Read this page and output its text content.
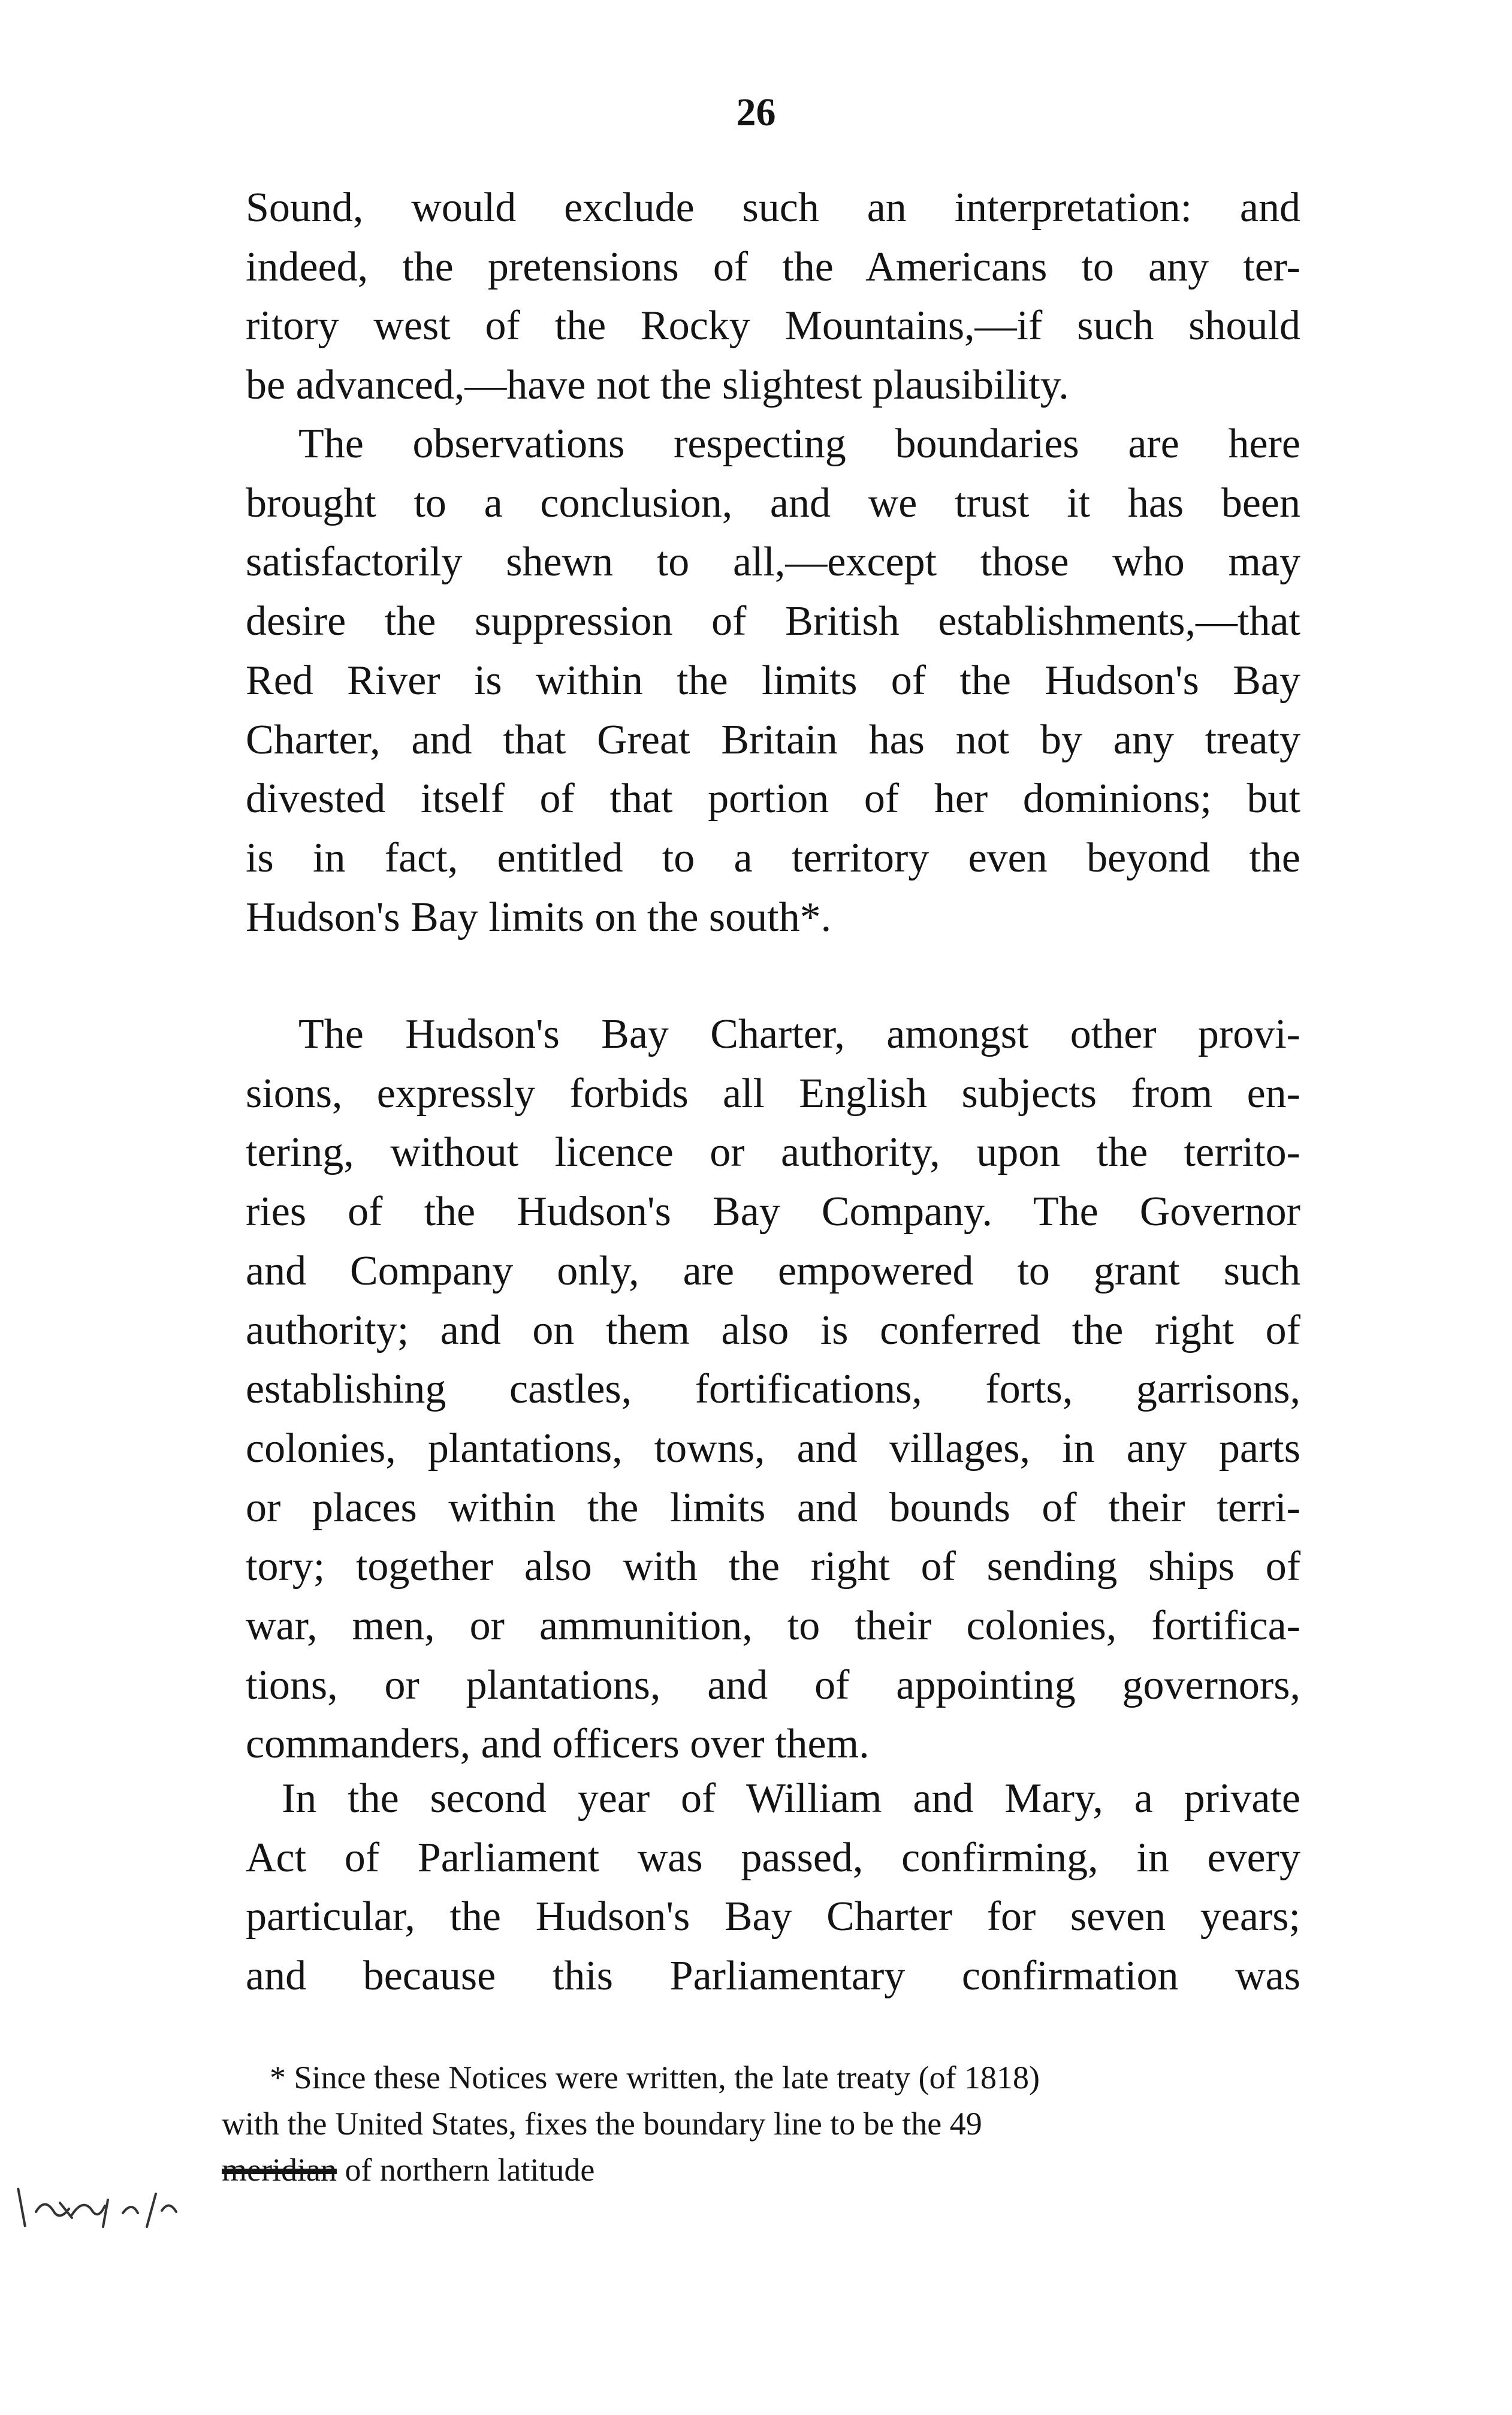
26

Sound, would exclude such an interpretation: and
indeed, the pretensions of the Americans to any ter-
ritory west of the Rocky Mountains,—if such should
be advanced,—have not the slightest plausibility.

The observations respecting boundaries are here
brought to a conclusion, and we trust it has been
satisfactorily shewn to all,—except those who may
desire the suppression of British establishments,—that
Red River is within the limits of the Hudson's Bay
Charter, and that Great Britain has not by any treaty
divested itself of that portion of her dominions; but
is in fact, entitled to a territory even beyond the
Hudson's Bay limits on the south*.

The Hudson's Bay Charter, amongst other provi-
sions, expressly forbids all English subjects from en-
tering, without licence or authority, upon the territo-
ries of the Hudson's Bay Company. The Governor
and Company only, are empowered to grant such
authority; and on them also is conferred the right of
establishing castles, fortifications, forts, garrisons,
colonies, plantations, towns, and villages, in any parts
or places within the limits and bounds of their terri-
tory; together also with the right of sending ships of
war, men, or ammunition, to their colonies, fortifica-
tions, or plantations, and of appointing governors,
commanders, and officers over them.

In the second year of William and Mary, a private
Act of Parliament was passed, confirming, in every
particular, the Hudson's Bay Charter for seven years;
and because this Parliamentary confirmation was

* Since these Notices were written, the late treaty (of 1818)
with the United States, fixes the boundary line to be the 49
meridian of northern latitude
